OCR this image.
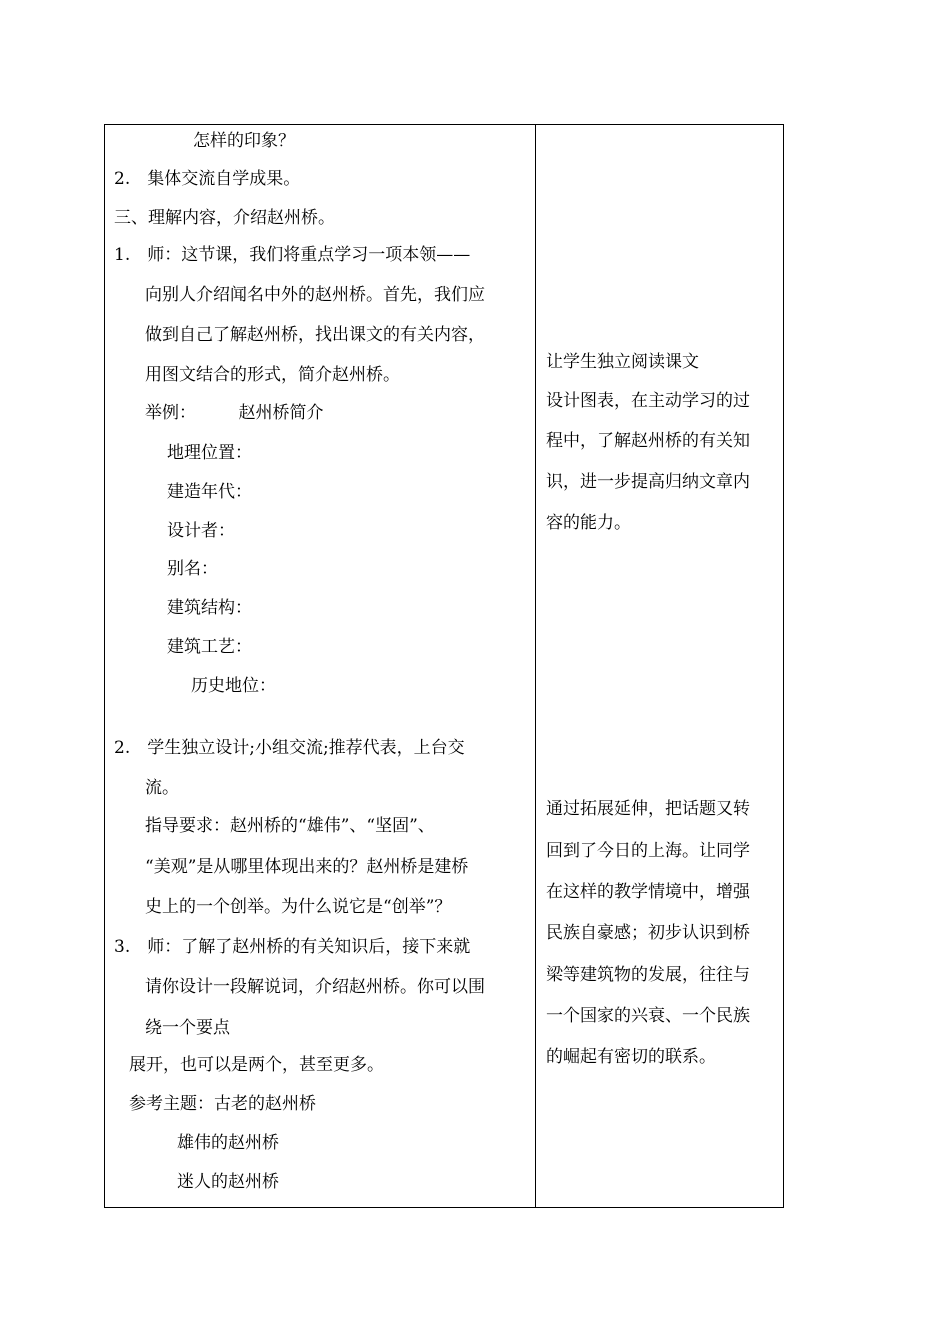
怎样的印象？
2.　集体交流自学成果。
三、理解内容，介绍赵州桥。
1.　师：这节课，我们将重点学习一项本领——
向别人介绍闻名中外的赵州桥。首先，我们应
做到自己了解赵州桥，找出课文的有关内容，
用图文结合的形式，简介赵州桥。
举例：　　　赵州桥简介
地理位置：
建造年代：
设计者：
别名：
建筑结构：
建筑工艺：
历史地位：
2.　学生独立设计;小组交流;推荐代表，上台交
流。
指导要求：赵州桥的“雄伟”、“坚固”、
“美观”是从哪里体现出来的？赵州桥是建桥
史上的一个创举。为什么说它是“创举”？
3.　师：了解了赵州桥的有关知识后，接下来就
请你设计一段解说词，介绍赵州桥。你可以围
绕一个要点
展开，也可以是两个，甚至更多。
参考主题：古老的赵州桥
雄伟的赵州桥
迷人的赵州桥
让学生独立阅读课文
设计图表，在主动学习的过
程中，了解赵州桥的有关知
识，进一步提高归纳文章内
容的能力。
通过拓展延伸，把话题又转
回到了今日的上海。让同学
在这样的教学情境中，增强
民族自豪感；初步认识到桥
梁等建筑物的发展，往往与
一个国家的兴衰、一个民族
的崛起有密切的联系。
